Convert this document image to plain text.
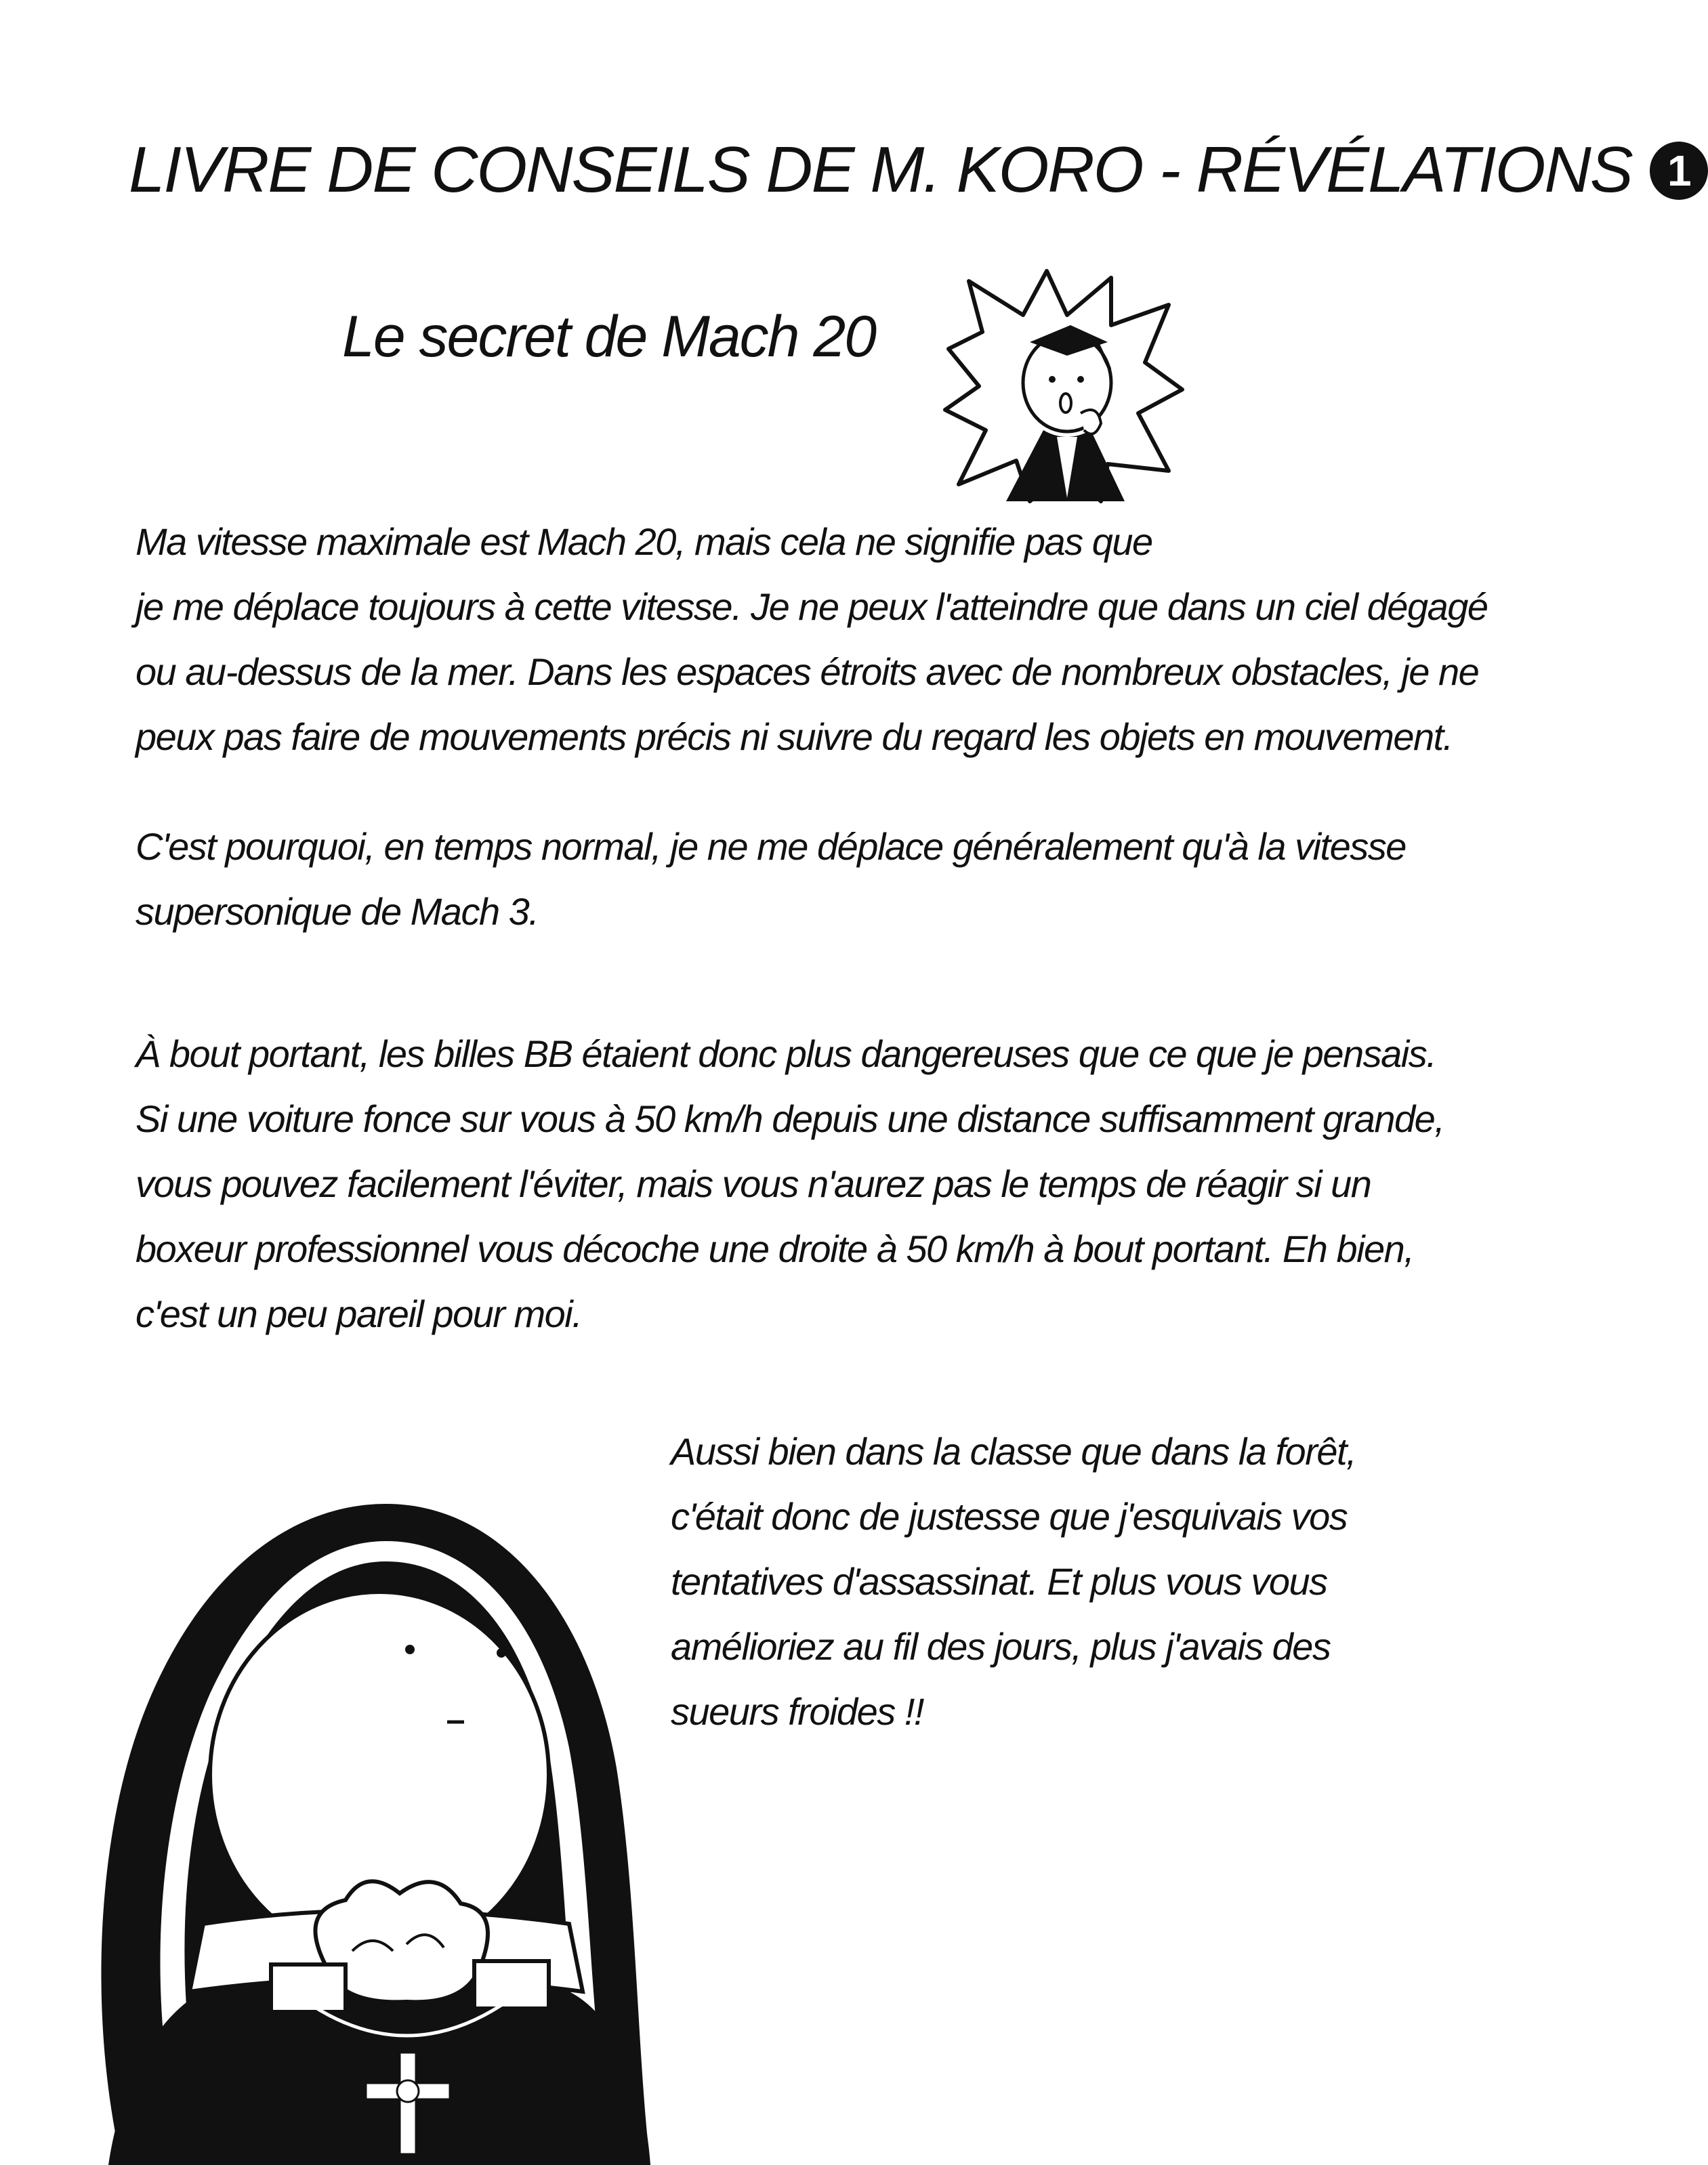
LIVRE DE CONSEILS DE M. KORO - RÉVÉLATIONS 1
Le secret de Mach 20
Ma vitesse maximale est Mach 20, mais cela ne signifie pas que
je me déplace toujours à cette vitesse. Je ne peux l'atteindre que dans un ciel dégagé
ou au-dessus de la mer. Dans les espaces étroits avec de nombreux obstacles, je ne
peux pas faire de mouvements précis ni suivre du regard les objets en mouvement.
C'est pourquoi, en temps normal, je ne me déplace généralement qu'à la vitesse
supersonique de Mach 3.
À bout portant, les billes BB étaient donc plus dangereuses que ce que je pensais.
Si une voiture fonce sur vous à 50 km/h depuis une distance suffisamment grande,
vous pouvez facilement l'éviter, mais vous n'aurez pas le temps de réagir si un
boxeur professionnel vous décoche une droite à 50 km/h à bout portant. Eh bien,
c'est un peu pareil pour moi.
Aussi bien dans la classe que dans la forêt,
c'était donc de justesse que j'esquivais vos
tentatives d'assassinat. Et plus vous vous
amélioriez au fil des jours, plus j'avais des
sueurs froides !!
